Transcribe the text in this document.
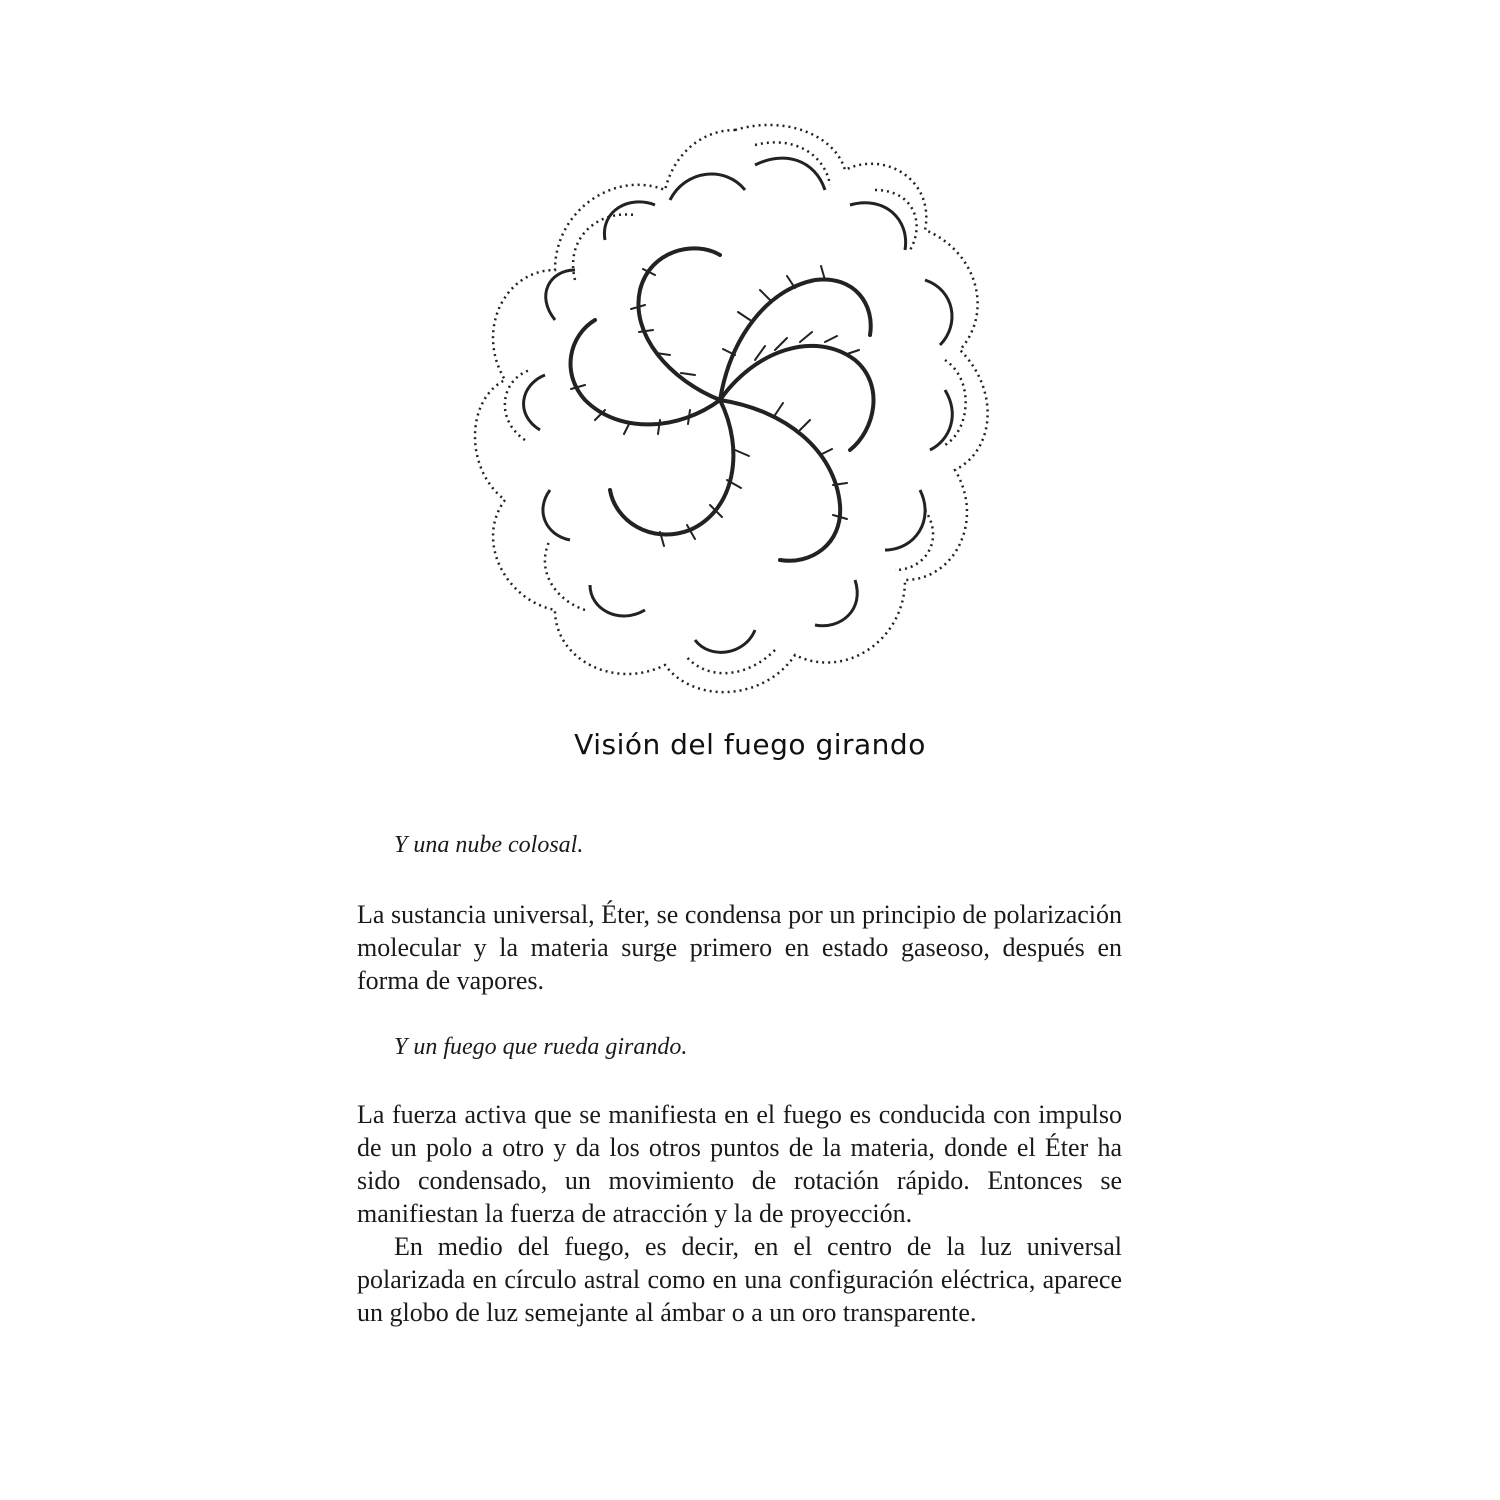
Visión del fuego girando
Y una nube colosal.

La sustancia universal, Éter, se condensa por un principio de polarización molecular y la materia surge primero en estado gaseoso, después en forma de vapores.

Y un fuego que rueda girando.

La fuerza activa que se manifiesta en el fuego es conducida con impulso de un polo a otro y da los otros puntos de la materia, donde el Éter ha sido condensado, un movimiento de rotación rápido. Entonces se manifiestan la fuerza de atracción y la de proyección.

En medio del fuego, es decir, en el centro de la luz universal polarizada en círculo astral como en una configuración eléctrica, aparece un globo de luz semejante al ámbar o a un oro transparente.
